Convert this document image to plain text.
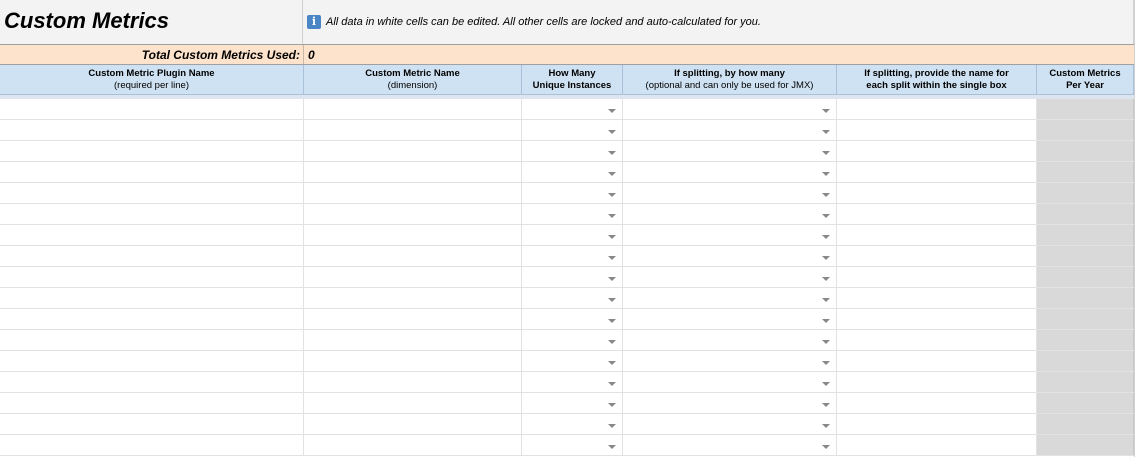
Custom Metrics	i All data in white cells can be edited. All other cells are locked and auto-calculated for you.
Total Custom Metrics Used: 0
Custom Metric Plugin Name
(required per line)
Custom Metric Name
(dimension)
How Many
Unique Instances
If splitting, by how many
(optional and can only be used for JMX)
If splitting, provide the name for
each split within the single box
Custom Metrics
Per Year
